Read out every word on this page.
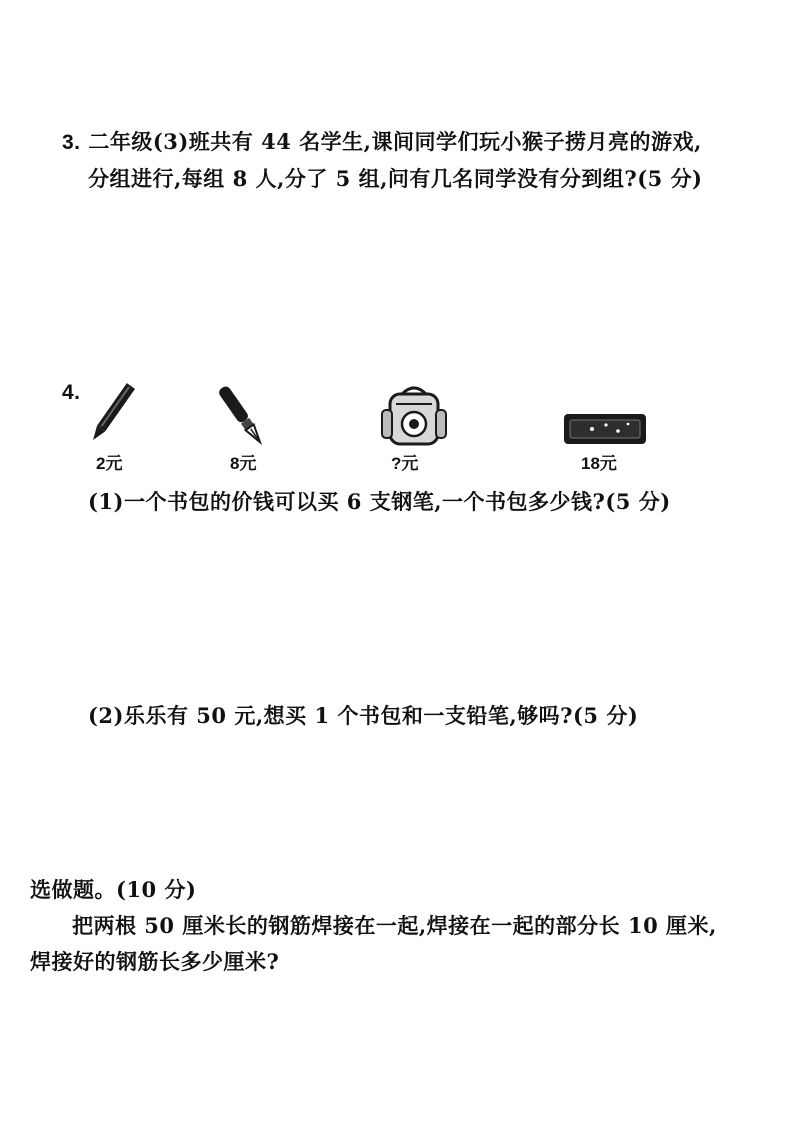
3. 二年级(3)班共有 44 名学生,课间同学们玩小猴子捞月亮的游戏,
分组进行,每组 8 人,分了 5 组,问有几名同学没有分到组?(5 分)
4.
2元	8元	?元	18元
(1)一个书包的价钱可以买 6 支钢笔,一个书包多少钱?(5 分)
(2)乐乐有 50 元,想买 1 个书包和一支铅笔,够吗?(5 分)
选做题。(10 分)
把两根 50 厘米长的钢筋焊接在一起,焊接在一起的部分长 10 厘米,
焊接好的钢筋长多少厘米?
